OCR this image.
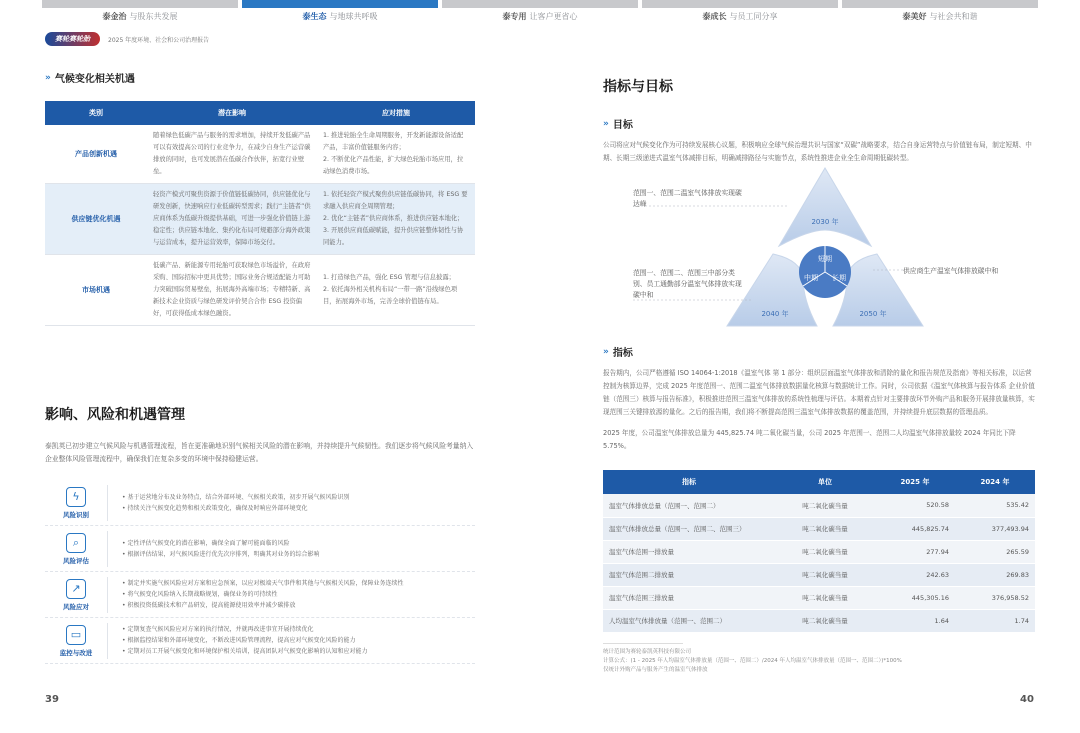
泰金治 与股东共发展	泰生态 与地球共呼吸	泰专用 让客户更省心	泰成长 与员工同分享	泰美好 与社会共和谐
赛轮赛轮胎	2025 年度环境、社会和公司治理报告
» 气候变化相关机遇
类别	潜在影响	应对措施
产品创新机遇	随着绿色低碳产品与服务的需求增加，持续开发低碳产品可以有效提高公司的行业竞争力，在减少自身生产运营碳排放的同时，也可发展潜在低碳合作伙伴，拓宽行业壁垒。	1. 推进轮胎全生命周期服务，开发新能源设备适配产品，丰富价值链服务内容；
2. 不断优化产品性能，扩大绿色轮胎市场应用，拉动绿色消费市场。

供应链优化机遇	轻资产模式可聚焦资源于价值链低碳协同，供应链优化与研发创新，快速响应行业低碳转型需求；践行“主链者”供应商体系为低碳升级提供基础，可进一步强化价值链上游稳定性；供应链本地化、集约化布局可规避部分海外政策与运营成本，提升运营效率，保障市场交付。	1. 依托轻资产模式聚焦供应链低碳协同，将 ESG 要求融入供应商全周期管理；
2. 优化“主链者”供应商体系，推进供应链本地化；
3. 开展供应商低碳赋能，提升供应链整体韧性与协同能力。

市场机遇	低碳产品、新能源专用轮胎可获取绿色市场溢价，在政府采购、国际招标中更具优势；国际业务合规适配能力可助力突破国际贸易壁垒，拓展海外高端市场；专精特新、高新技术企业资质与绿色研发评价契合合作 ESG 投资偏好，可获得低成本绿色融资。	1. 打造绿色产品，强化 ESG 管理与信息披露；
2. 依托海外相关机构布局“一带一路”沿线绿色项目，拓展海外市场，完善全球价值链布局。
影响、风险和机遇管理
泰凯英已初步建立气候风险与机遇管理流程，旨在更准确地识别气候相关风险的潜在影响，并持续提升气候韧性。我们逐步将气候风险考量纳入企业整体风险管理流程中，确保我们在复杂多变的环境中保持稳健运营。
ϟ
风险识别
• 基于运营地分布及业务特点，结合外部环境、气候相关政策，初步开展气候风险识别
• 持续关注气候变化趋势和相关政策变化，确保及时响应外部环境变化
⌕
风险评估
• 定性评估气候变化的潜在影响，确保全面了解可能面临的风险
• 根据评估结果，对气候风险进行优先次序排列，明确其对业务的综合影响
↗
风险应对
• 制定并实施气候风险应对方案和应急预案，以应对极端天气事件和其他与气候相关风险，保障业务连续性
• 将气候变化风险纳入长期战略规划，确保业务的可持续性
• 积极投资低碳技术和产品研发，提高能源使用效率并减少碳排放
▭
监控与改进
• 定期复查气候风险应对方案的执行情况，并就再改进事宜开展持续优化
• 根据监控结果和外部环境变化，不断改进风险管理流程，提高应对气候变化风险的能力
• 定期对员工开展气候变化和环境保护相关培训，提高团队对气候变化影响的认知和应对能力
39
指标与目标
» 目标
公司将应对气候变化作为可持续发展核心议题，积极响应全球气候治理共识与国家“双碳”战略要求，结合自身运营特点与价值链布局，制定短期、中期、长期三级递进式温室气体减排目标，明确减排路径与实施节点，系统性推进企业全生命周期低碳转型。
短期
中期 长期
2030 年
2040 年	2050 年
范围一、范围二温室气体排放实现碳达峰
范围一、范围二、范围三中部分类别、员工通勤部分温室气体排放实现碳中和
供应商生产温室气体排放碳中和
» 指标
报告期内，公司严格遵循 ISO 14064-1:2018《温室气体 第 1 部分：组织层面温室气体排放和清除的量化和报告规范及指南》等相关标准，以运营控制为核算边界，完成 2025 年度范围一、范围二温室气体排放数据量化核算与数据统计工作。同时，公司依据《温室气体核算与报告体系 企业价值链（范围三）核算与报告标准》，积极推进范围三温室气体排放的系统性梳理与评估。本期着点针对主要排放环节外购产品和服务开展排放量核算，实现范围三关键排放源的量化。之后的报告期，我们将不断提高范围三温室气体排放数据的覆盖范围，并持续提升底层数据的管理品质。
2025 年度，公司温室气体排放总量为 445,825.74 吨二氧化碳当量，公司 2025 年范围一、范围二人均温室气体排放量较 2024 年同比下降 5.75%。
指标	单位	2025 年	2024 年
温室气体排放总量（范围一、范围二）	吨二氧化碳当量	520.58	535.42
温室气体排放总量（范围一、范围二、范围三）	吨二氧化碳当量	445,825.74	377,493.94
温室气体范围一排放量	吨二氧化碳当量	277.94	265.59
温室气体范围二排放量	吨二氧化碳当量	242.63	269.83
温室气体范围三排放量	吨二氧化碳当量	445,305.16	376,958.52
人均温室气体排放量（范围一、范围二）	吨二氧化碳当量	1.64	1.74
统计范围为赛轮泰凯英科技有限公司
计算公式：(1 - 2025 年人均温室气体排放量（范围一、范围二）/2024 年人均温室气体排放量（范围一、范围二）)*100%
仅统计外购产品与服务产生的温室气体排放
40
